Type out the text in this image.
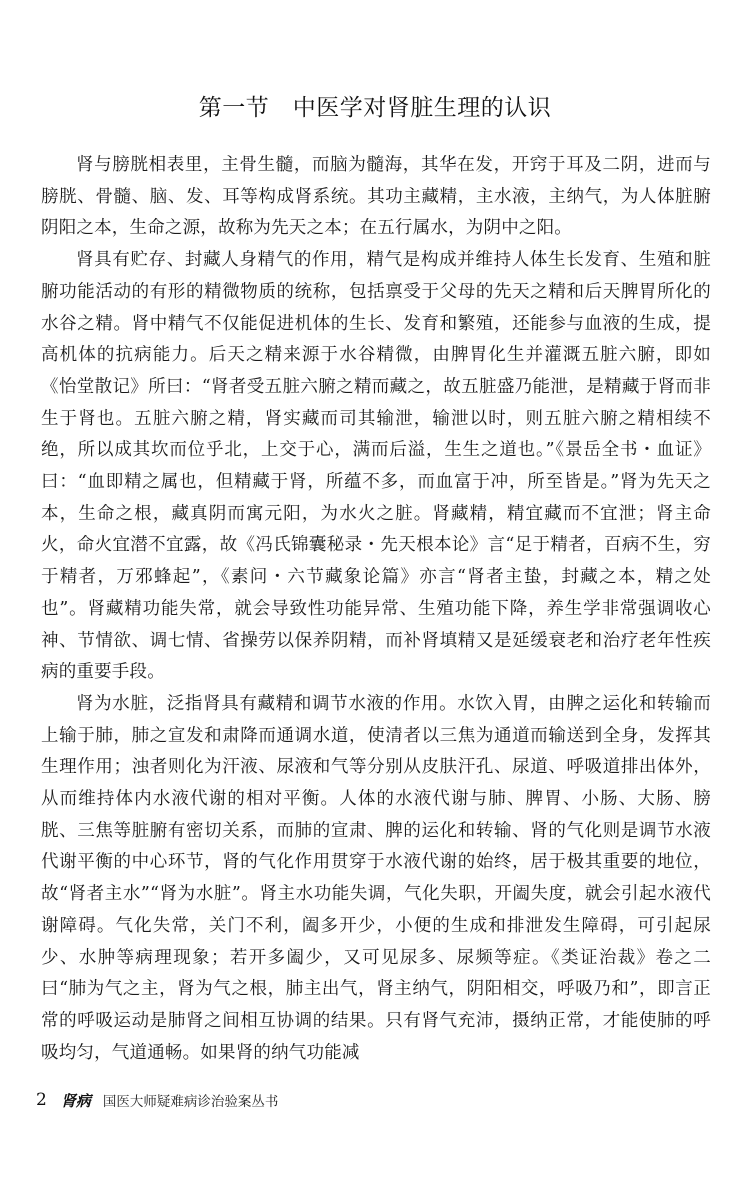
第一节　中医学对肾脏生理的认识

肾与膀胱相表里，主骨生髓，而脑为髓海，其华在发，开窍于耳及二阴，进而与膀胱、骨髓、脑、发、耳等构成肾系统。其功主藏精，主水液，主纳气，为人体脏腑阴阳之本，生命之源，故称为先天之本；在五行属水，为阴中之阳。

肾具有贮存、封藏人身精气的作用，精气是构成并维持人体生长发育、生殖和脏腑功能活动的有形的精微物质的统称，包括禀受于父母的先天之精和后天脾胃所化的水谷之精。肾中精气不仅能促进机体的生长、发育和繁殖，还能参与血液的生成，提高机体的抗病能力。后天之精来源于水谷精微，由脾胃化生并灌溉五脏六腑，即如《怡堂散记》所曰：“肾者受五脏六腑之精而藏之，故五脏盛乃能泄，是精藏于肾而非生于肾也。五脏六腑之精，肾实藏而司其输泄，输泄以时，则五脏六腑之精相续不绝，所以成其坎而位乎北，上交于心，满而后溢，生生之道也。”《景岳全书・血证》曰：“血即精之属也，但精藏于肾，所蕴不多，而血富于冲，所至皆是。”肾为先天之本，生命之根，藏真阴而寓元阳，为水火之脏。肾藏精，精宜藏而不宜泄；肾主命火，命火宜潜不宜露，故《冯氏锦囊秘录・先天根本论》言“足于精者，百病不生，穷于精者，万邪蜂起”，《素问・六节藏象论篇》亦言“肾者主蛰，封藏之本，精之处也”。肾藏精功能失常，就会导致性功能异常、生殖功能下降，养生学非常强调收心神、节情欲、调七情、省操劳以保养阴精，而补肾填精又是延缓衰老和治疗老年性疾病的重要手段。

肾为水脏，泛指肾具有藏精和调节水液的作用。水饮入胃，由脾之运化和转输而上输于肺，肺之宣发和肃降而通调水道，使清者以三焦为通道而输送到全身，发挥其生理作用；浊者则化为汗液、尿液和气等分别从皮肤汗孔、尿道、呼吸道排出体外，从而维持体内水液代谢的相对平衡。人体的水液代谢与肺、脾胃、小肠、大肠、膀胱、三焦等脏腑有密切关系，而肺的宣肃、脾的运化和转输、肾的气化则是调节水液代谢平衡的中心环节，肾的气化作用贯穿于水液代谢的始终，居于极其重要的地位，故“肾者主水”“肾为水脏”。肾主水功能失调，气化失职，开阖失度，就会引起水液代谢障碍。气化失常，关门不利，阖多开少，小便的生成和排泄发生障碍，可引起尿少、水肿等病理现象；若开多阖少，又可见尿多、尿频等症。《类证治裁》卷之二曰“肺为气之主，肾为气之根，肺主出气，肾主纳气，阴阳相交，呼吸乃和”，即言正常的呼吸运动是肺肾之间相互协调的结果。只有肾气充沛，摄纳正常，才能使肺的呼吸均匀，气道通畅。如果肾的纳气功能减

2 肾病 国医大师疑难病诊治验案丛书
